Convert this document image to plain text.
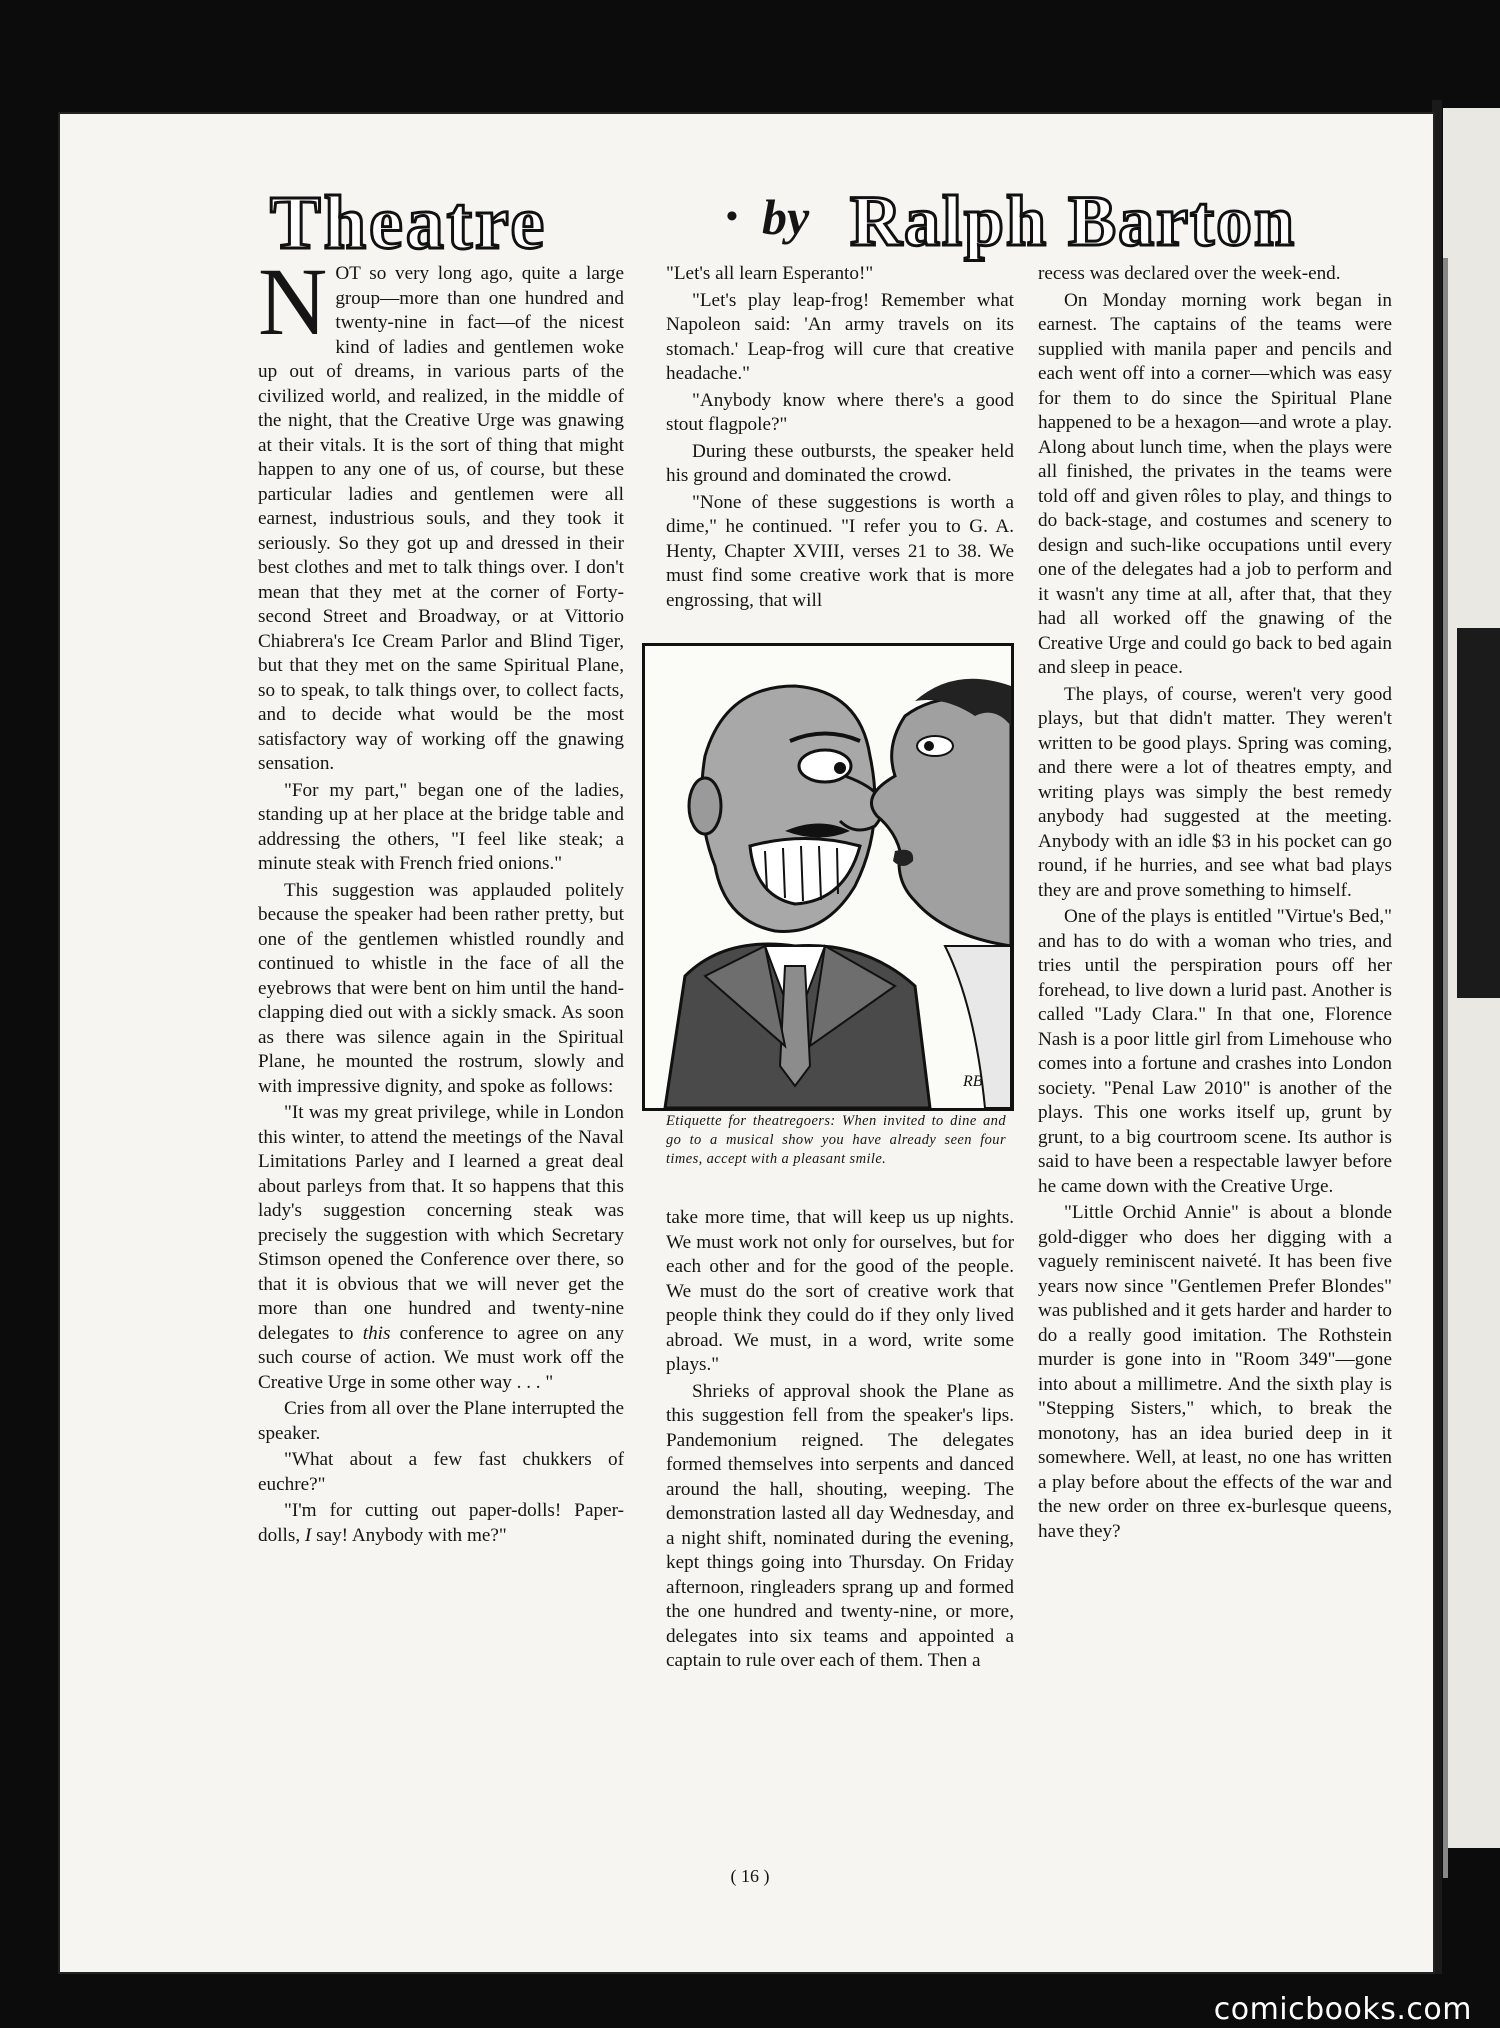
Theatre	• by Ralph Barton

NOT so very long ago, quite a large group—more than one hundred and twenty-nine in fact—of the nicest kind of ladies and gentlemen woke up out of dreams, in various parts of the civilized world, and realized, in the middle of the night, that the Creative Urge was gnawing at their vitals. It is the sort of thing that might happen to any one of us, of course, but these particular ladies and gentlemen were all earnest, industrious souls, and they took it seriously. So they got up and dressed in their best clothes and met to talk things over. I don't mean that they met at the corner of Forty-second Street and Broadway, or at Vittorio Chiabrera's Ice Cream Parlor and Blind Tiger, but that they met on the same Spiritual Plane, so to speak, to talk things over, to collect facts, and to decide what would be the most satisfactory way of working off the gnawing sensation.

"For my part," began one of the ladies, standing up at her place at the bridge table and addressing the others, "I feel like steak; a minute steak with French fried onions."

This suggestion was applauded politely because the speaker had been rather pretty, but one of the gentlemen whistled roundly and continued to whistle in the face of all the eyebrows that were bent on him until the hand-clapping died out with a sickly smack. As soon as there was silence again in the Spiritual Plane, he mounted the rostrum, slowly and with impressive dignity, and spoke as follows:

"It was my great privilege, while in London this winter, to attend the meetings of the Naval Limitations Parley and I learned a great deal about parleys from that. It so happens that this lady's suggestion concerning steak was precisely the suggestion with which Secretary Stimson opened the Conference over there, so that it is obvious that we will never get the more than one hundred and twenty-nine delegates to this conference to agree on any such course of action. We must work off the Creative Urge in some other way . . . "

Cries from all over the Plane interrupted the speaker.

"What about a few fast chukkers of euchre?"

"I'm for cutting out paper-dolls! Paper-dolls, I say! Anybody with me?"

"Let's all learn Esperanto!"

"Let's play leap-frog! Remember what Napoleon said: 'An army travels on its stomach.' Leap-frog will cure that creative headache."

"Anybody know where there's a good stout flagpole?"

During these outbursts, the speaker held his ground and dominated the crowd.

"None of these suggestions is worth a dime," he continued. "I refer you to G. A. Henty, Chapter XVIII, verses 21 to 38. We must find some creative work that is more engrossing, that will

RB
Etiquette for theatregoers: When invited to dine and go to a musical show you have already seen four times, accept with a pleasant smile.

take more time, that will keep us up nights. We must work not only for ourselves, but for each other and for the good of the people. We must do the sort of creative work that people think they could do if they only lived abroad. We must, in a word, write some plays."

Shrieks of approval shook the Plane as this suggestion fell from the speaker's lips. Pandemonium reigned. The delegates formed themselves into serpents and danced around the hall, shouting, weeping. The demonstration lasted all day Wednesday, and a night shift, nominated during the evening, kept things going into Thursday. On Friday afternoon, ringleaders sprang up and formed the one hundred and twenty-nine, or more, delegates into six teams and appointed a captain to rule over each of them. Then a

recess was declared over the week-end.

On Monday morning work began in earnest. The captains of the teams were supplied with manila paper and pencils and each went off into a corner—which was easy for them to do since the Spiritual Plane happened to be a hexagon—and wrote a play. Along about lunch time, when the plays were all finished, the privates in the teams were told off and given rôles to play, and things to do back-stage, and costumes and scenery to design and such-like occupations until every one of the delegates had a job to perform and it wasn't any time at all, after that, that they had all worked off the gnawing of the Creative Urge and could go back to bed again and sleep in peace.

The plays, of course, weren't very good plays, but that didn't matter. They weren't written to be good plays. Spring was coming, and there were a lot of theatres empty, and writing plays was simply the best remedy anybody had suggested at the meeting. Anybody with an idle $3 in his pocket can go round, if he hurries, and see what bad plays they are and prove something to himself.

One of the plays is entitled "Virtue's Bed," and has to do with a woman who tries, and tries until the perspiration pours off her forehead, to live down a lurid past. Another is called "Lady Clara." In that one, Florence Nash is a poor little girl from Limehouse who comes into a fortune and crashes into London society. "Penal Law 2010" is another of the plays. This one works itself up, grunt by grunt, to a big courtroom scene. Its author is said to have been a respectable lawyer before he came down with the Creative Urge.

"Little Orchid Annie" is about a blonde gold-digger who does her digging with a vaguely reminiscent naiveté. It has been five years now since "Gentlemen Prefer Blondes" was published and it gets harder and harder to do a really good imitation. The Rothstein murder is gone into in "Room 349"—gone into about a millimetre. And the sixth play is "Stepping Sisters," which, to break the monotony, has an idea buried deep in it somewhere. Well, at least, no one has written a play before about the effects of the war and the new order on three ex-burlesque queens, have they?

( 16 )
comicbooks.com
